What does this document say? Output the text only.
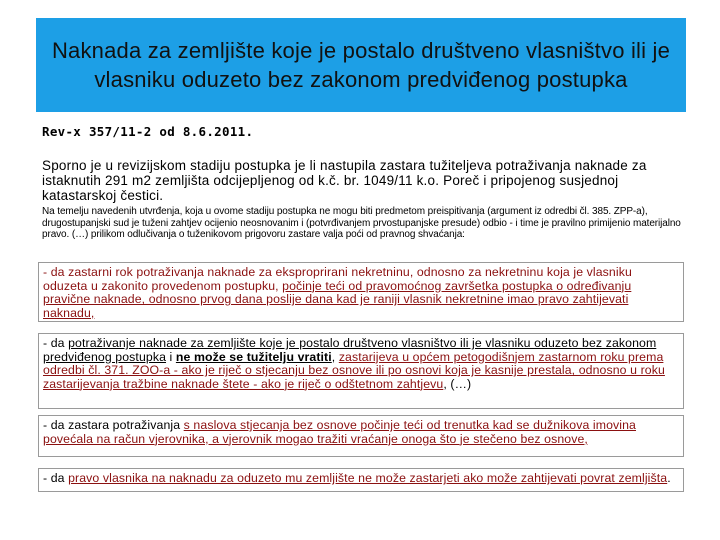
Naknada za zemljište koje je postalo društveno vlasništvo ili je vlasniku oduzeto bez zakonom predviđenog postupka
Rev-x 357/11-2 od 8.6.2011.
Sporno je u revizijskom stadiju postupka je li nastupila zastara tužiteljeva potraživanja naknade za istaknutih 291 m2 zemljišta odcijepljenog od k.č. br. 1049/11 k.o. Poreč i pripojenog susjednoj katastarskoj čestici.
Na temelju navedenih utvrđenja, koja u ovome stadiju postupka ne mogu biti predmetom preispitivanja (argument iz odredbi čl. 385. ZPP-a), drugostupanjski sud je tuženi zahtjev ocijenio neosnovanim i (potvrđivanjem prvostupanjske presude) odbio - i time je pravilno primijenio materijalno pravo. (…) prilikom odlučivanja o tuženikovom prigovoru zastare valja poći od pravnog shvaćanja:
- da zastarni rok potraživanja naknade za eksproprirani nekretninu, odnosno za nekretninu koja je vlasniku oduzeta u zakonito provedenom postupku, počinje teći od pravomoćnog završetka postupka o određivanju pravične naknade, odnosno prvog dana poslije dana kad je raniji vlasnik nekretnine imao pravo zahtijevati naknadu,
- da potraživanje naknade za zemljište koje je postalo društveno vlasništvo ili je vlasniku oduzeto bez zakonom predviđenog postupka i ne može se tužitelju vratiti, zastarijeva u općem petogodišnjem zastarnom roku prema odredbi čl. 371. ZOO-a - ako je riječ o stjecanju bez osnove ili po osnovi koja je kasnije prestala, odnosno u roku zastarijevanja tražbine naknade štete - ako je riječ o odštetnom zahtjevu, (…)
- da zastara potraživanja s naslova stjecanja bez osnove počinje teći od trenutka kad se dužnikova imovina povećala na račun vjerovnika, a vjerovnik mogao tražiti vraćanje onoga što je stečeno bez osnove,
- da pravo vlasnika na naknadu za oduzeto mu zemljište ne može zastarjeti ako može zahtijevati povrat zemljišta.
